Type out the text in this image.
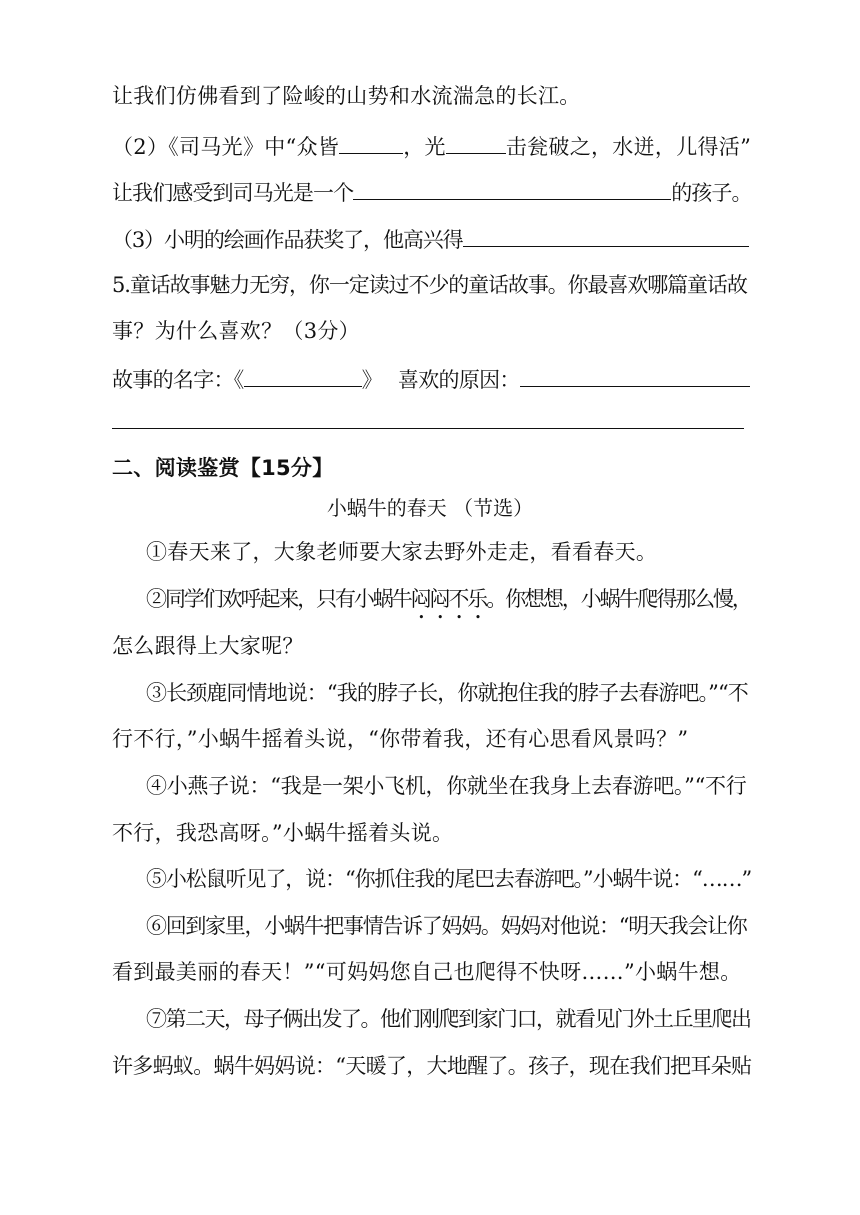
让我们仿佛看到了险峻的山势和水流湍急的长江。
（2）《司马光》中“众皆	，光	击瓮破之，水迸，儿得活”
让我们感受到司马光是一个	的孩子。
（3）小明的绘画作品获奖了，他高兴得
5.童话故事魅力无穷，你一定读过不少的童话故事。你最喜欢哪篇童话故
事？为什么喜欢？（3分）
故事的名字：《	》 喜欢的原因：
二、阅读鉴赏【15分】
小蜗牛的春天 （节选）
①春天来了，大象老师要大家去野外走走，看看春天。
②同学们欢呼起来，只有小蜗牛闷闷不乐。你想想，小蜗牛爬得那么慢，
怎么跟得上大家呢？
③长颈鹿同情地说：“我的脖子长，你就抱住我的脖子去春游吧。”“不
行不行，”小蜗牛摇着头说，“你带着我，还有心思看风景吗？”
④小燕子说：“我是一架小飞机，你就坐在我身上去春游吧。”“不行
不行，我恐高呀。”小蜗牛摇着头说。
⑤小松鼠听见了，说：“你抓住我的尾巴去春游吧。”小蜗牛说：“……”
⑥回到家里，小蜗牛把事情告诉了妈妈。妈妈对他说：“明天我会让你
看到最美丽的春天！”“可妈妈您自己也爬得不快呀……”小蜗牛想。
⑦第二天，母子俩出发了。他们刚爬到家门口，就看见门外土丘里爬出
许多蚂蚁。蜗牛妈妈说：“天暖了，大地醒了。孩子，现在我们把耳朵贴
